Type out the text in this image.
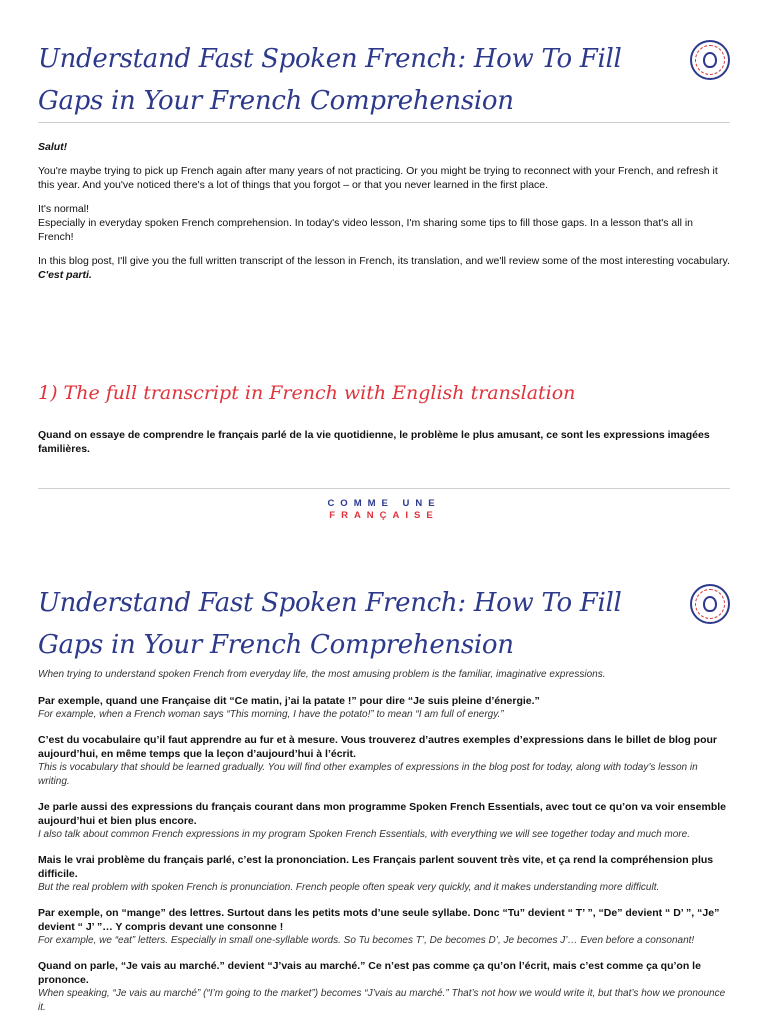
Understand Fast Spoken French: How To Fill Gaps in Your French Comprehension

Salut!

You're maybe trying to pick up French again after many years of not practicing. Or you might be trying to reconnect with your French, and refresh it this year. And you've noticed there's a lot of things that you forgot – or that you never learned in the first place.

It's normal!
Especially in everyday spoken French comprehension. In today's video lesson, I'm sharing some tips to fill those gaps. In a lesson that's all in French!

In this blog post, I'll give you the full written transcript of the lesson in French, its translation, and we'll review some of the most interesting vocabulary.

C'est parti.

1) The full transcript in French with English translation
Quand on essaye de comprendre le français parlé de la vie quotidienne, le problème le plus amusant, ce sont les expressions imagées familières.
COMME UNE
FRANÇAISE
Understand Fast Spoken French: How To Fill Gaps in Your French Comprehension

When trying to understand spoken French from everyday life, the most amusing problem is the familiar, imaginative expressions.

Par exemple, quand une Française dit “Ce matin, j’ai la patate !” pour dire “Je suis pleine d’énergie.”
For example, when a French woman says “This morning, I have the potato!” to mean “I am full of energy.”
C’est du vocabulaire qu’il faut apprendre au fur et à mesure. Vous trouverez d’autres exemples d’expressions dans le billet de blog pour aujourd’hui, en même temps que la leçon d’aujourd’hui à l’écrit.
This is vocabulary that should be learned gradually. You will find other examples of expressions in the blog post for today, along with today’s lesson in writing.
Je parle aussi des expressions du français courant dans mon programme Spoken French Essentials, avec tout ce qu’on va voir ensemble aujourd’hui et bien plus encore.
I also talk about common French expressions in my program Spoken French Essentials, with everything we will see together today and much more.
Mais le vrai problème du français parlé, c’est la prononciation. Les Français parlent souvent très vite, et ça rend la compréhension plus difficile.
But the real problem with spoken French is pronunciation. French people often speak very quickly, and it makes understanding more difficult.
Par exemple, on “mange” des lettres. Surtout dans les petits mots d’une seule syllabe. Donc “Tu” devient “ T’ ”, “De” devient “ D’ ”, “Je” devient “ J’ ”… Y compris devant une consonne !
For example, we “eat” letters. Especially in small one-syllable words. So Tu becomes T’, De becomes D’, Je becomes J’… Even before a consonant!
Quand on parle, “Je vais au marché.” devient “J’vais au marché.” Ce n’est pas comme ça qu’on l’écrit, mais c’est comme ça qu’on le prononce.
When speaking, “Je vais au marché” (“I’m going to the market”) becomes “J’vais au marché.” That’s not how we would write it, but that’s how we pronounce it.
